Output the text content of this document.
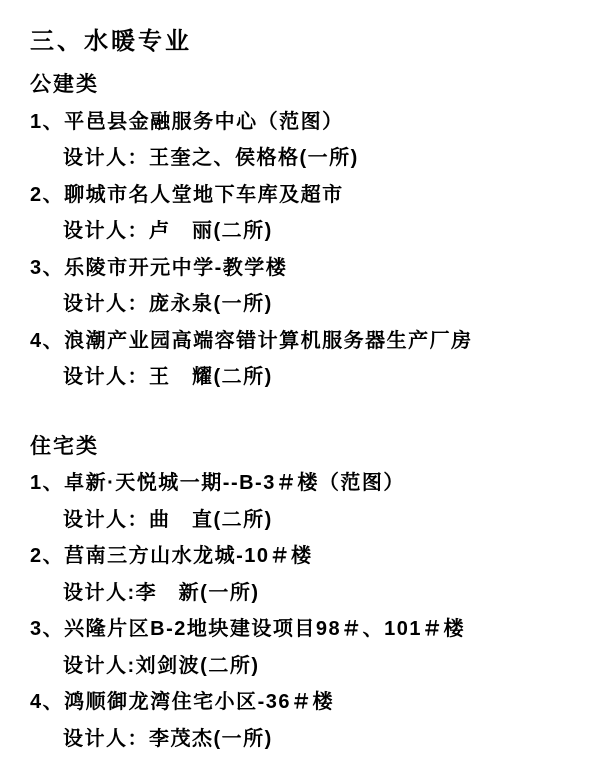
三、水暖专业
公建类
1、平邑县金融服务中心（范图）
设计人：王奎之、侯格格(一所)
2、聊城市名人堂地下车库及超市
设计人：卢　丽(二所)
3、乐陵市开元中学-教学楼
设计人：庞永泉(一所)
4、浪潮产业园高端容错计算机服务器生产厂房
设计人：王　耀(二所)
住宅类
1、卓新·天悦城一期--B-3＃楼（范图）
设计人：曲　直(二所)
2、莒南三方山水龙城-10＃楼
设计人:李　新(一所)
3、兴隆片区B-2地块建设项目98＃、101＃楼
设计人:刘剑波(二所)
4、鸿顺御龙湾住宅小区-36＃楼
设计人：李茂杰(一所)
